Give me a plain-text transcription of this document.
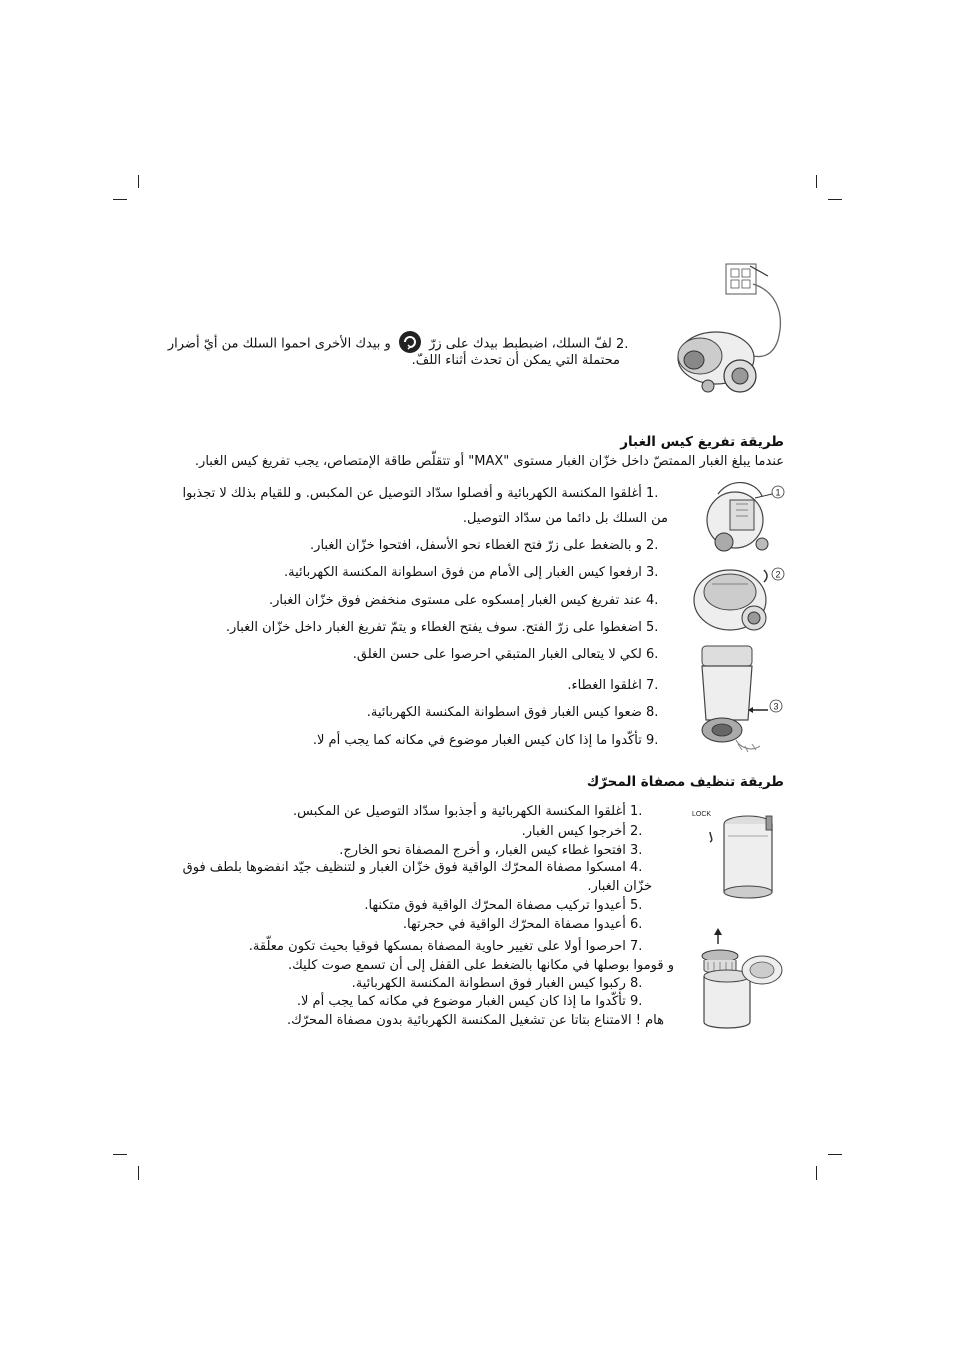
2. لفّ السلك، اضبطبط بيدك على زرّ  و بيدك الأخرى احموا السلك من أيّ أضرار
محتملة التي يمكن أن تحدث أثناء اللفّ.
طريقة تفريغ كيس الغبار
عندما يبلغ الغبار الممتصّ داخل خزّان الغبار مستوى "MAX" أو تتقلّص طاقة الإمتصاص، يجب تفريغ كيس الغبار.
1. أغلقوا المكنسة الكهربائية و أفصلوا سدّاد التوصيل عن المكبس. و للقيام بذلك لا تجذبوا
من السلك بل دائما من سدّاد التوصيل.
2. و بالضغط على زرّ فتح الغطاء نحو الأسفل، افتحوا خزّان الغبار.
3. ارفعوا كيس الغبار إلى الأمام من فوق اسطوانة المكنسة الكهربائية.
4. عند تفريغ كيس الغبار إمسكوه على مستوى منخفض فوق خزّان الغبار.
5. اضغطوا على زرّ الفتح. سوف يفتح الغطاء و يتمّ تفريغ الغبار داخل خزّان الغبار.
6. لكي لا يتعالى الغبار المتبقي احرصوا على حسن الغلق.
7. اغلقوا الغطاء.
8. ضعوا كيس الغبار فوق اسطوانة المكنسة الكهربائية.
9. تأكّدوا ما إذا كان كيس الغبار موضوع في مكانه كما يجب أم لا.
1
2
3
طريقة تنظيف مصفاة المحرّك
1. أغلقوا المكنسة الكهربائية و أجذبوا سدّاد التوصيل عن المكبس.
2. أخرجوا كيس الغبار.
3. افتحوا غطاء كيس الغبار، و أخرج المصفاة نحو الخارج.
4. امسكوا مصفاة المحرّك الواقية فوق خزّان الغبار و لتنظيف جيّد انفضوها بلطف فوق
خزّان الغبار.
5. أعيدوا تركيب مصفاة المحرّك الواقية فوق متكنها.
6. أعيدوا مصفاة المحرّك الواقية في حجرتها.
7. احرصوا أولا على تغيير حاوية المصفاة بمسكها فوقيا بحيث تكون معلّقة.
و قوموا بوصلها في مكانها بالضغط على القفل إلى أن تسمع صوت كليك.
8. ركبوا كيس الغبار فوق اسطوانة المكنسة الكهربائية.
9. تأكّدوا ما إذا كان كيس الغبار موضوع في مكانه كما يجب أم لا.
هام ! الامتناع بتاتا عن تشغيل المكنسة الكهربائية بدون مصفاة المحرّك.
LOCK
